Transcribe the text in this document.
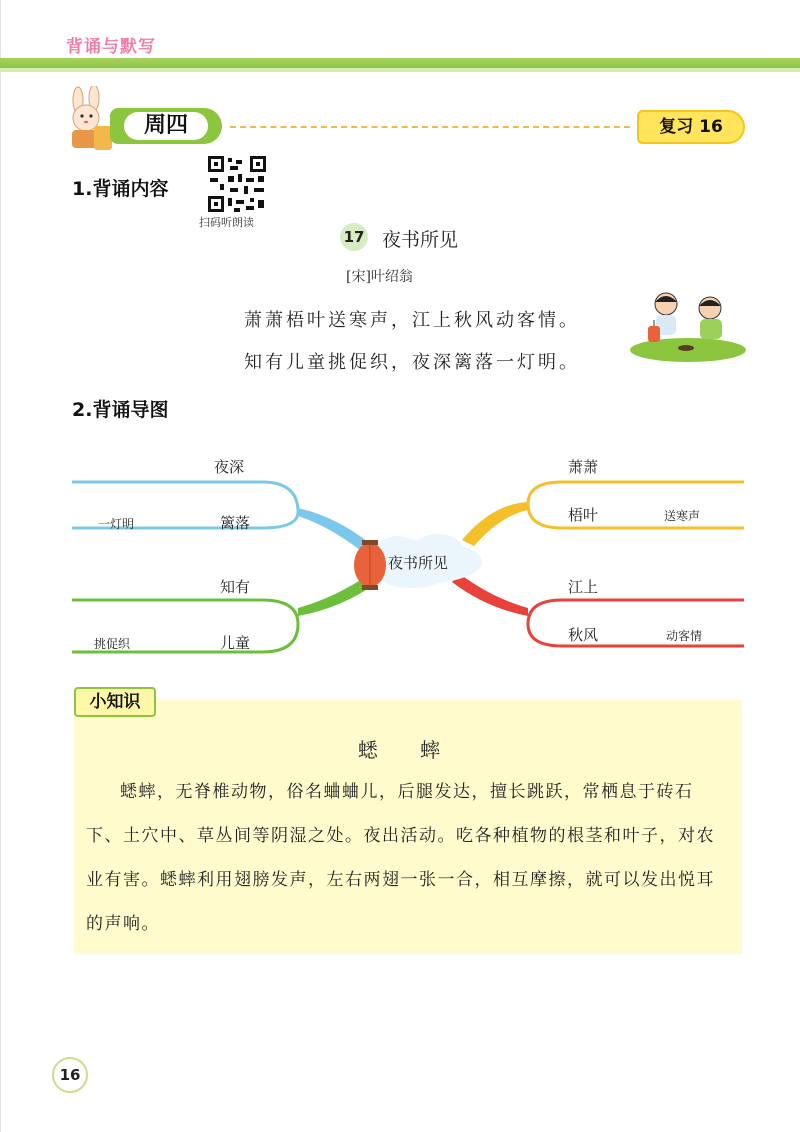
背诵与默写
周四	复习 16
1.背诵内容
扫码听朗读
17 夜书所见
[宋]叶绍翁
萧萧梧叶送寒声，江上秋风动客情。
知有儿童挑促织，夜深篱落一灯明。
2.背诵导图
夜深
篱落
一灯明
知有
儿童
挑促织
夜书所见
萧萧
梧叶	送寒声
江上
秋风	动客情
小知识
蟋 蟀
蟋蟀，无脊椎动物，俗名蛐蛐儿，后腿发达，擅长跳跃，常栖息于砖石下、土穴中、草丛间等阴湿之处。夜出活动。吃各种植物的根茎和叶子，对农业有害。蟋蟀利用翅膀发声，左右两翅一张一合，相互摩擦，就可以发出悦耳的声响。
16
